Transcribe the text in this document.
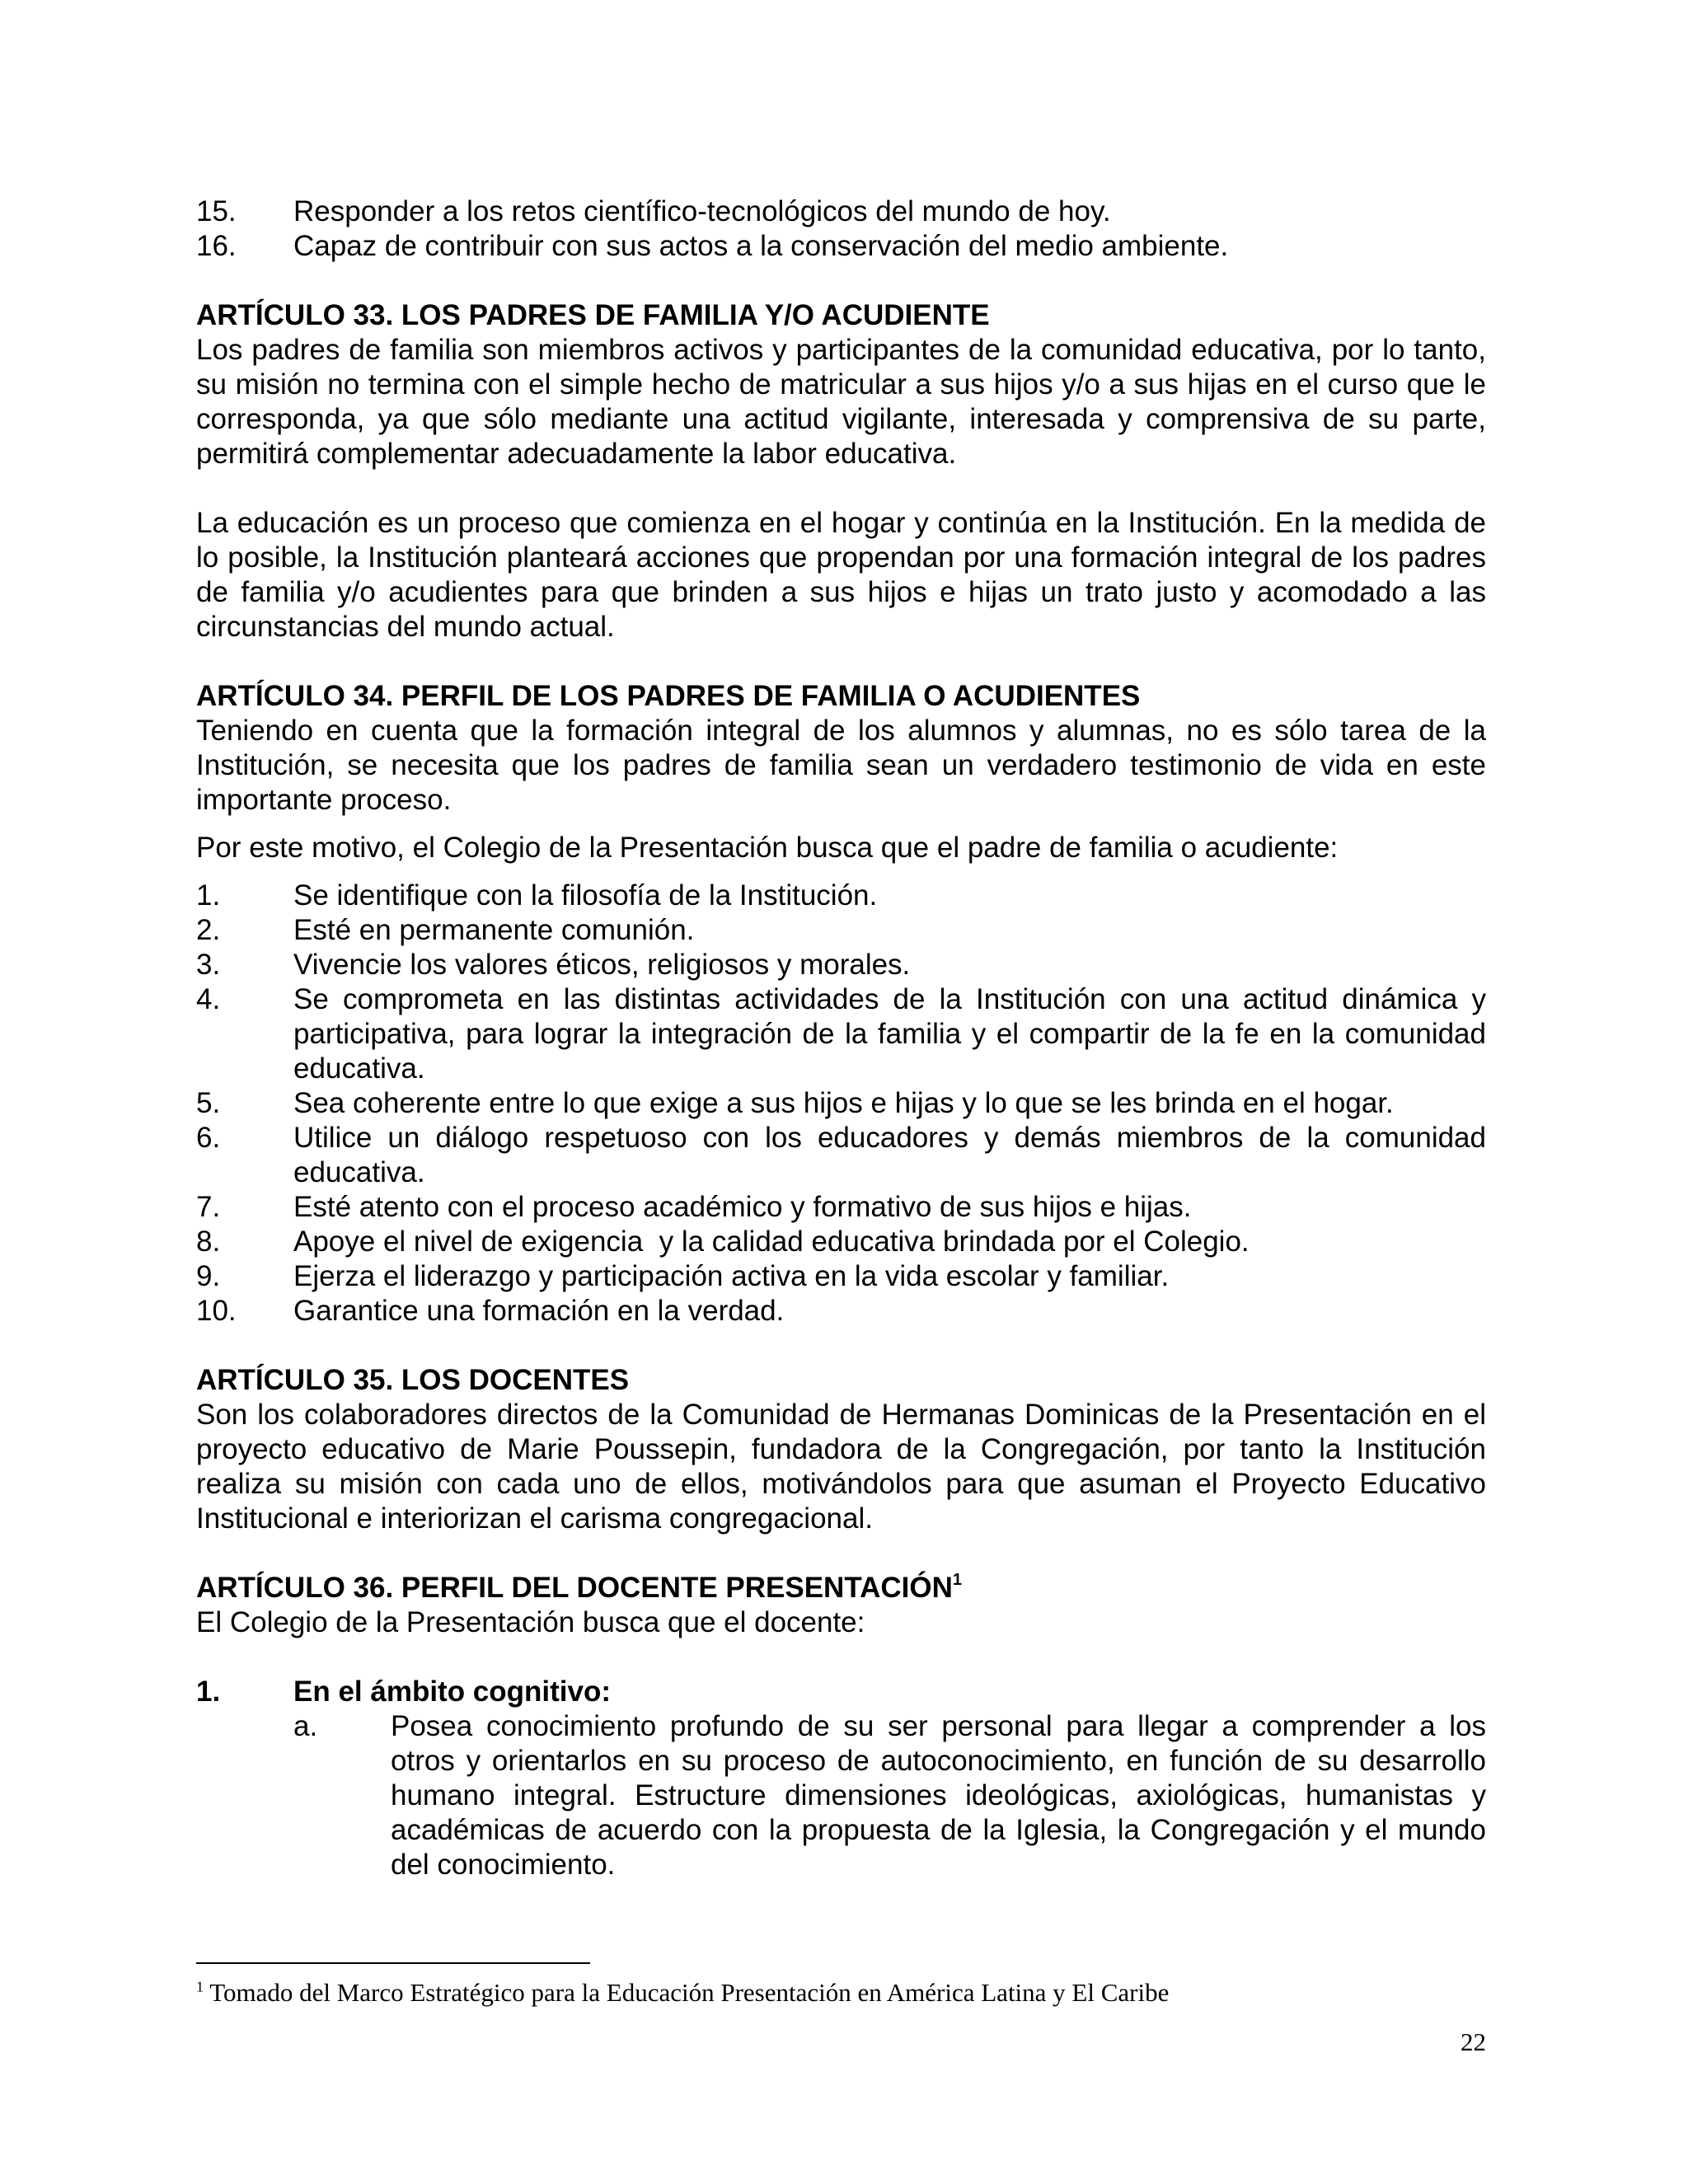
15.	Responder a los retos científico-tecnológicos del mundo de hoy.
16.	Capaz de contribuir con sus actos a la conservación del medio ambiente.

ARTÍCULO 33. LOS PADRES DE FAMILIA Y/O ACUDIENTE

Los padres de familia son miembros activos y participantes de la comunidad educativa, por lo tanto, su misión no termina con el simple hecho de matricular a sus hijos y/o a sus hijas en el curso que le corresponda, ya que sólo mediante una actitud vigilante, interesada y comprensiva de su parte, permitirá complementar adecuadamente la labor educativa.

La educación es un proceso que comienza en el hogar y continúa en la Institución. En la medida de lo posible, la Institución planteará acciones que propendan por una formación integral de los padres de familia y/o acudientes para que brinden a sus hijos e hijas un trato justo y acomodado a las circunstancias del mundo actual.

ARTÍCULO 34. PERFIL DE LOS PADRES DE FAMILIA O ACUDIENTES

Teniendo en cuenta que la formación integral de los alumnos y alumnas, no es sólo tarea de la Institución, se necesita que los padres de familia sean un verdadero testimonio de vida en este importante proceso.

Por este motivo, el Colegio de la Presentación busca que el padre de familia o acudiente:

1.	Se identifique con la filosofía de la Institución.
2.	Esté en permanente comunión.
3.	Vivencie los valores éticos, religiosos y morales.
4.	Se comprometa en las distintas actividades de la Institución con una actitud dinámica y participativa, para lograr la integración de la familia y el compartir de la fe en la comunidad educativa.
5.	Sea coherente entre lo que exige a sus hijos e hijas y lo que se les brinda en el hogar.
6.	Utilice un diálogo respetuoso con los educadores y demás miembros de la comunidad educativa.
7.	Esté atento con el proceso académico y formativo de sus hijos e hijas.
8.	Apoye el nivel de exigencia  y la calidad educativa brindada por el Colegio.
9.	Ejerza el liderazgo y participación activa en la vida escolar y familiar.
10.	Garantice una formación en la verdad.

ARTÍCULO 35. LOS DOCENTES

Son los colaboradores directos de la Comunidad de Hermanas Dominicas de la Presentación en el proyecto educativo de Marie Poussepin, fundadora de la Congregación, por tanto la Institución realiza su misión con cada uno de ellos, motivándolos para que asuman el Proyecto Educativo Institucional e interiorizan el carisma congregacional.

ARTÍCULO 36. PERFIL DEL DOCENTE PRESENTACIÓN$^1$

El Colegio de la Presentación busca que el docente:

1.	En el ámbito cognitivo:
a.	Posea conocimiento profundo de su ser personal para llegar a comprender a los otros y orientarlos en su proceso de autoconocimiento, en función de su desarrollo humano integral. Estructure dimensiones ideológicas, axiológicas, humanistas y académicas de acuerdo con la propuesta de la Iglesia, la Congregación y el mundo del conocimiento.
$^1$ Tomado del Marco Estratégico para la Educación Presentación en América Latina y El Caribe
22
